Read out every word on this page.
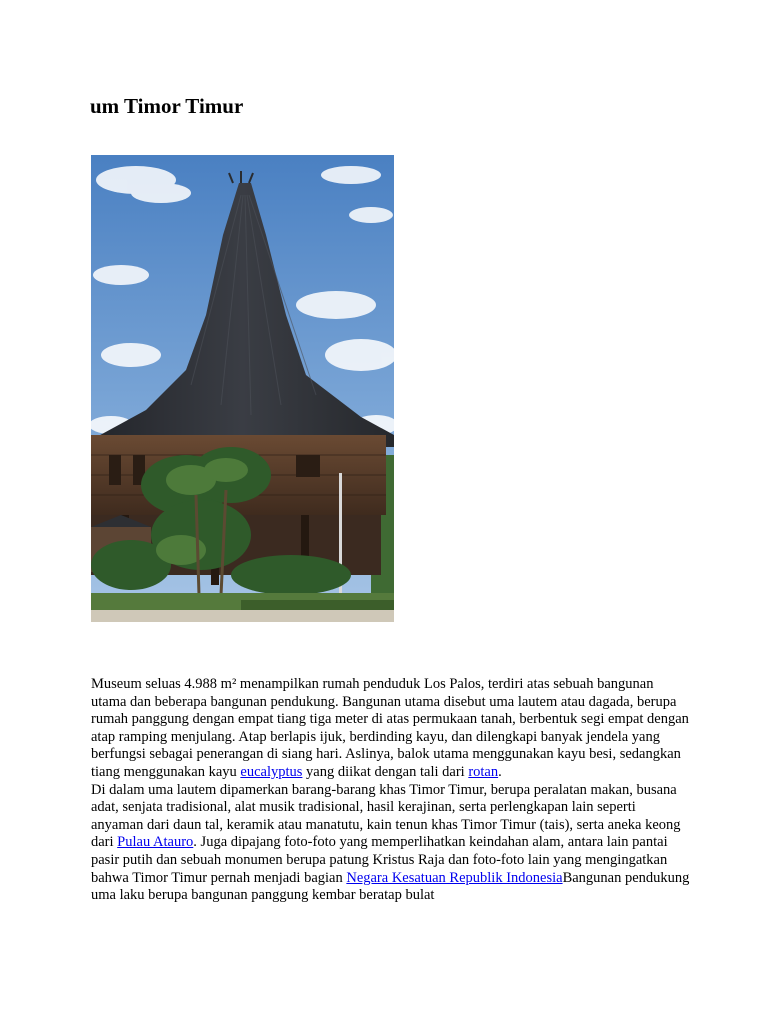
um Timor Timur

Museum seluas 4.988 m² menampilkan rumah penduduk Los Palos, terdiri atas sebuah bangunan utama dan beberapa bangunan pendukung. Bangunan utama disebut uma lautem atau dagada, berupa rumah panggung dengan empat tiang tiga meter di atas permukaan tanah, berbentuk segi empat dengan atap ramping menjulang. Atap berlapis ijuk, berdinding kayu, dan dilengkapi banyak jendela yang berfungsi sebagai penerangan di siang hari. Aslinya, balok utama menggunakan kayu besi, sedangkan tiang menggunakan kayu eucalyptus yang diikat dengan tali dari rotan.

Di dalam uma lautem dipamerkan barang-barang khas Timor Timur, berupa peralatan makan, busana adat, senjata tradisional, alat musik tradisional, hasil kerajinan, serta perlengkapan lain seperti anyaman dari daun tal, keramik atau manatutu, kain tenun khas Timor Timur (tais), serta aneka keong dari Pulau Atauro. Juga dipajang foto-foto yang memperlihatkan keindahan alam, antara lain pantai pasir putih dan sebuah monumen berupa patung Kristus Raja dan foto-foto lain yang mengingatkan bahwa Timor Timur pernah menjadi bagian Negara Kesatuan Republik IndonesiaBangunan pendukung uma laku berupa bangunan panggung kembar beratap bulat
